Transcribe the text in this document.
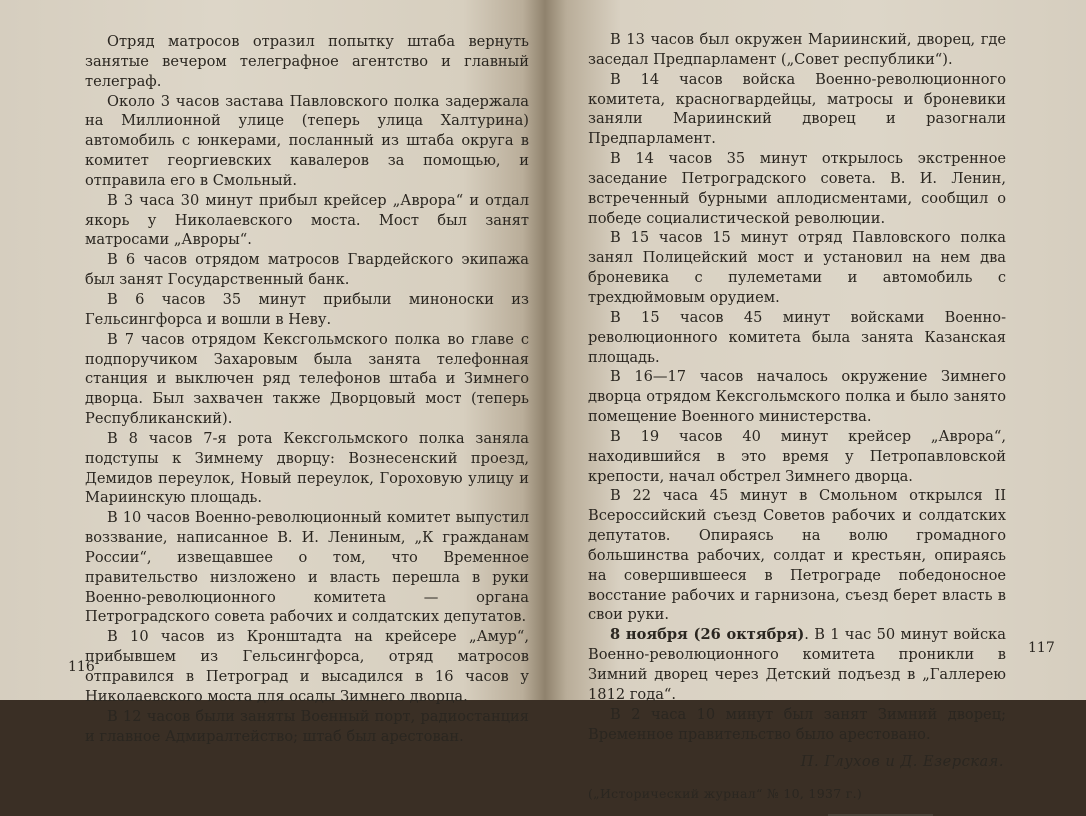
Отряд матросов отразил попытку штаба вернуть занятые вечером телеграфное агентство и главный телеграф.

Около 3 часов застава Павловского полка задержала на Миллионной улице (теперь улица Халтурина) автомобиль с юнкерами, посланный из штаба округа в комитет георгиевских кавалеров за помощью, и отправила его в Смольный.

В 3 часа 30 минут прибыл крейсер „Аврора“ и отдал якорь у Николаевского моста. Мост был занят матросами „Авроры“.

В 6 часов отрядом матросов Гвардейского экипажа был занят Государственный банк.

В 6 часов 35 минут прибыли миноноски из Гельсингфорса и вошли в Неву.

В 7 часов отрядом Кексгольмского полка во главе с подпоручиком Захаровым была занята телефонная станция и выключен ряд телефонов штаба и Зимнего дворца. Был захвачен также Дворцовый мост (теперь Республиканский).

В 8 часов 7-я рота Кексгольмского полка заняла подступы к Зимнему дворцу: Вознесенский проезд, Демидов переулок, Новый переулок, Гороховую улицу и Мариинскую площадь.

В 10 часов Военно-революционный комитет выпустил воззвание, написанное В. И. Лениным, „К гражданам России“, извещавшее о том, что Временное правительство низложено и власть перешла в руки Военно-революционного комитета — органа Петроградского совета рабочих и солдатских депутатов.

В 10 часов из Кронштадта на крейсере „Амур“, прибывшем из Гельсингфорса, отряд матросов отправился в Петроград и высадился в 16 часов у Николаевского моста для осады Зимнего дворца.

В 12 часов были заняты Военный порт, радиостанция и главное Адмиралтейство; штаб был арестован.

116

В 13 часов был окружен Мариинский, дворец, где заседал Предпарламент („Совет республики“).

В 14 часов войска Военно-революционного комитета, красногвардейцы, матросы и броневики заняли Мариинский дворец и разогнали Предпарламент.

В 14 часов 35 минут открылось экстренное заседание Петроградского совета. В. И. Ленин, встреченный бурными аплодисментами, сообщил о победе социалистической революции.

В 15 часов 15 минут отряд Павловского полка занял Полицейский мост и установил на нем два броневика с пулеметами и автомобиль с трехдюймовым орудием.

В 15 часов 45 минут войсками Военно-революционного комитета была занята Казанская площадь.

В 16—17 часов началось окружение Зимнего дворца отрядом Кексгольмского полка и было занято помещение Военного министерства.

В 19 часов 40 минут крейсер „Аврора“, находившийся в это время у Петропавловской крепости, начал обстрел Зимнего дворца.

В 22 часа 45 минут в Смольном открылся II Всероссийский съезд Советов рабочих и солдатских депутатов. Опираясь на волю громадного большинства рабочих, солдат и крестьян, опираясь на совершившееся в Петрограде победоносное восстание рабочих и гарнизона, съезд берет власть в свои руки.

8 ноября (26 октября). В 1 час 50 минут войска Военно-революционного комитета проникли в Зимний дворец через Детский подъезд в „Галлерею 1812 года“.

В 2 часа 10 минут был занят Зимний дворец; Временное правительство было арестовано.

П. Глухов и Д. Езерская.
(„Исторический журнал“ № 10, 1937 г.)
117
